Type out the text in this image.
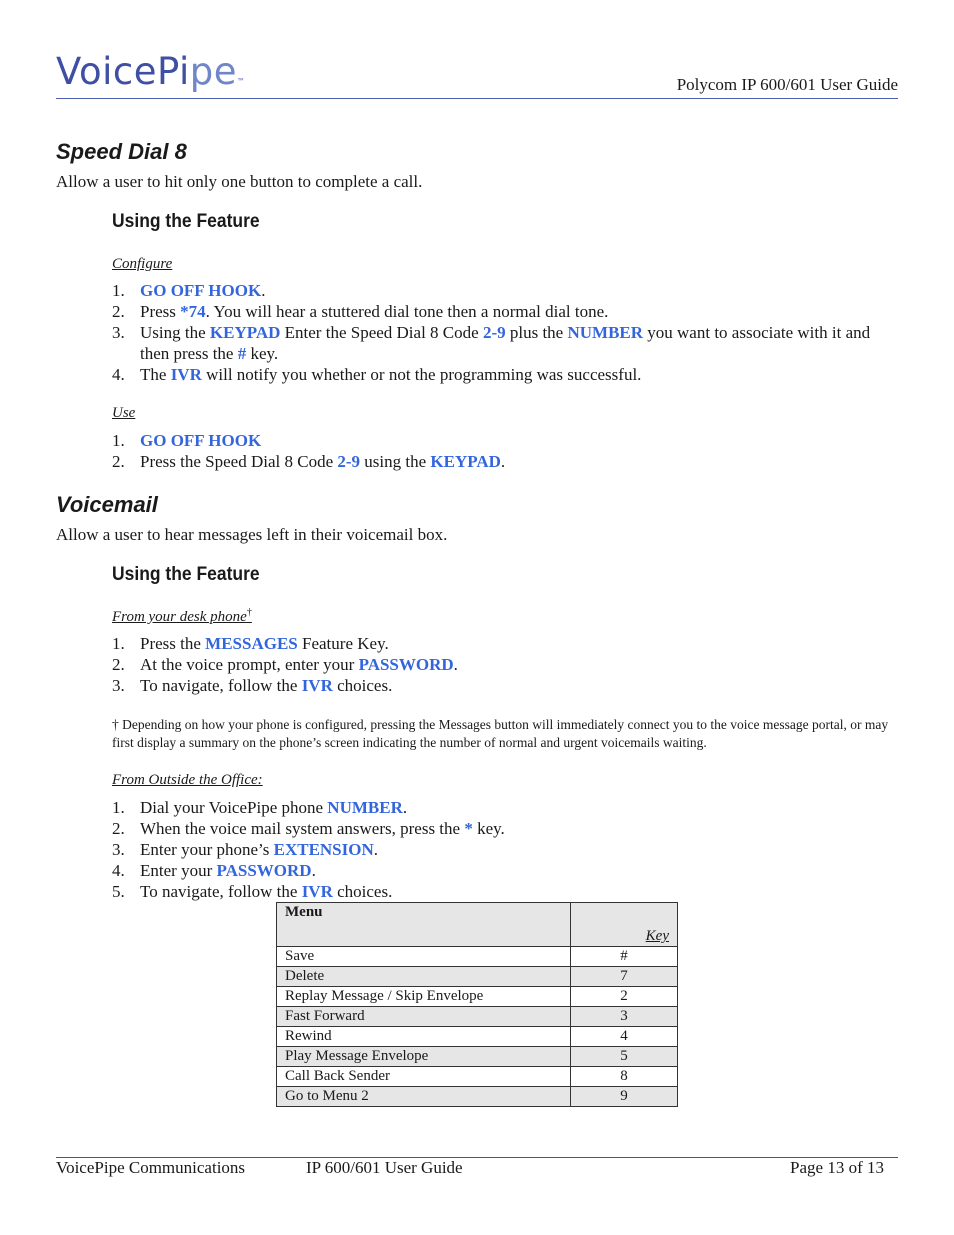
VoicePipe™	Polycom IP 600/601 User Guide
Speed Dial 8

Allow a user to hit only one button to complete a call.

Using the Feature
Configure
1. GO OFF HOOK.
2. Press *74. You will hear a stuttered dial tone then a normal dial tone.
3. Using the KEYPAD Enter the Speed Dial 8 Code 2-9 plus the NUMBER you want to associate with it and then press the # key.
4. The IVR will notify you whether or not the programming was successful.
Use
1. GO OFF HOOK
2. Press the Speed Dial 8 Code 2-9 using the KEYPAD.
Voicemail

Allow a user to hear messages left in their voicemail box.

Using the Feature
From your desk phone†
1. Press the MESSAGES Feature Key.
2. At the voice prompt, enter your PASSWORD.
3. To navigate, follow the IVR choices.
† Depending on how your phone is configured, pressing the Messages button will immediately connect you to the voice message portal, or may first display a summary on the phone’s screen indicating the number of normal and urgent voicemails waiting.
From Outside the Office:
1. Dial your VoicePipe phone NUMBER.
2. When the voice mail system answers, press the * key.
3. Enter your phone’s EXTENSION.
4. Enter your PASSWORD.
5. To navigate, follow the IVR choices.
Menu	Key
Save	#
Delete	7
Replay Message / Skip Envelope	2
Fast Forward	3
Rewind	4
Play Message Envelope	5
Call Back Sender	8
Go to Menu 2	9
VoicePipe Communications	IP 600/601 User Guide	Page 13 of 13
